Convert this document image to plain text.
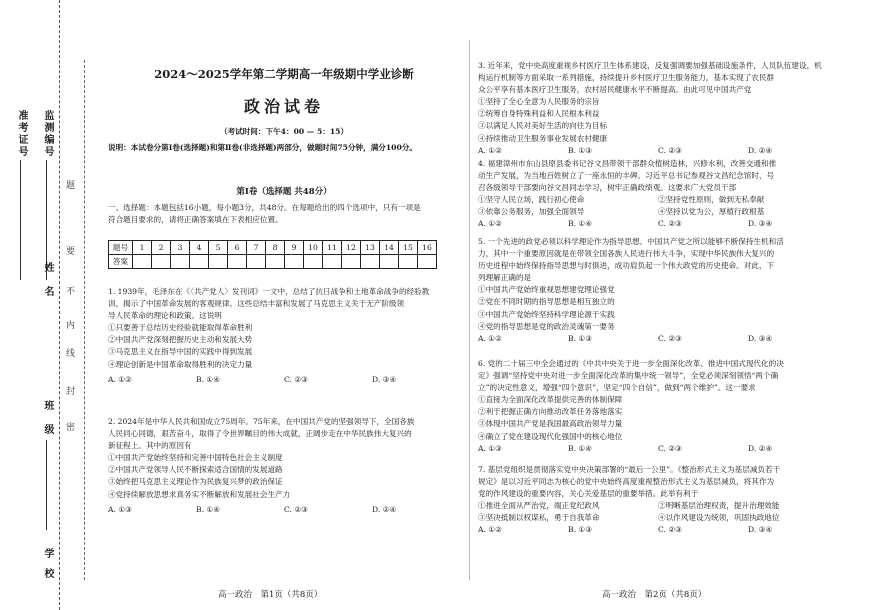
准考证号 监测编号
姓名
班级
学校
题
要
不
内
线
封
密
2024～2025学年第二学期高一年级期中学业诊断
政治试卷
（考试时间：下午4：00 — 5：15）
说明：本试卷分第Ⅰ卷(选择题)和第Ⅱ卷(非选择题)两部分，做题时间75分钟，满分100分。
第Ⅰ卷（选择题 共48分）
一、选择题：本题包括16小题，每小题3分，共48分。在每题给出的四个选项中，只有一项是
符合题目要求的，请将正确答案填在下表相应位置。
题号	1	2	3	4	5	6	7	8	9	10	11	12	13	14	15	16
答案																
1. 1939年，毛泽东在《〈共产党人〉发刊词》一文中，总结了抗日战争和土地革命战争的经验教
训，揭示了中国革命发展的客观规律。这些总结丰富和发展了马克思主义关于无产阶级领
导人民革命的理论和政策。这说明
①只要善于总结历史经验就能取得革命胜利
②中国共产党深刻把握历史主动和发展大势
③马克思主义在指导中国的实践中得到发展
④理论创新是中国革命取得胜利的决定力量
A. ①②	B. ①④	C. ②③	D. ③④
2. 2024年是中华人民共和国成立75周年。75年来，在中国共产党的坚强领导下，全国各族
人民同心同德，艰苦奋斗，取得了令世界瞩目的伟大成就，正阔步走在中华民族伟大复兴的
新征程上。其中的原因有
①中国共产党始终坚持和完善中国特色社会主义制度
②中国共产党领导人民不断探索适合国情的发展道路
③始终把马克思主义理论作为民族复兴梦的政治保证
④党持续解放思想求真务实不断解放和发展社会生产力
A. ①③	B. ①④	C. ②③	D. ②④
高一政治　第1页（共8页）
3. 近年来，党中央高度重视乡村医疗卫生体系建设，反复强调要加强基础设施条件，人员队伍建设，机
构运行机制等方面采取一系列措施，持续提升乡村医疗卫生服务能力，基本实现了农民群
众公平享有基本医疗卫生服务，农村居民健康水平不断提高。由此可见中国共产党
①坚持了全心全意为人民服务的宗旨
②统筹自身特殊利益和人民根本利益
③以满足人民对美好生活的向往为目标
④持续推动卫生服务事业发展农村健康
A. ①②	B. ①③	C. ②③	D. ②④
4. 福建漳州市东山县原县委书记谷文昌带领干部群众植树造林，兴修水利，改善交通和推
动生产发展，为当地百姓树立了一座永恒的丰碑。习近平总书记参观谷文昌纪念馆时，号
召各级领导干部要向谷文昌同志学习，树牢正确政绩观。这要求广大党员干部
①坚守人民立场，践行初心使命	②坚持党性原则，做到无私奉献
③依靠公务服务，加强全面领导	④坚持以党为公，厚植行政根基
A. ①②	B. ①④	C. ②③	D. ③④
5. 一个先进的政党必须以科学理论作为指导思想。中国共产党之所以能够不断保持生机和活
力，其中一个重要原因就是在带领全国各族人民进行伟大斗争，实现中华民族伟大复兴的
历史进程中始终保持指导思想与时俱进，成功肩负起一个伟大政党的历史使命。对此，下
列理解正确的是
①中国共产党始终重视思想建党理论强党
②党在不同时期的指导思想是相互独立的
③中国共产党始终坚持科学理论源于实践
④党的指导思想是党的政治灵魂第一要务
A. ①②	B. ①③	C. ②③	D. ③④
6. 党的二十届三中全会通过的《中共中央关于进一步全面深化改革、推进中国式现代化的决
定》强调“坚持党中央对进一步全面深化改革的集中统一领导”，全党必须深刻领悟“两个确
立”的决定性意义，增强“四个意识”，坚定“四个自信”，做到“两个维护”。这一要求
①直接为全面深化改革提供完善的体制保障
②利于把握正确方向推动改革任务落地落实
③体现中国共产党是我国最高政治领导力量
④确立了党在建设现代化强国中的核心地位
A. ①③	B. ①④	C. ②③	D. ②④
7. 基层党组织是贯彻落实党中央决策部署的“最后一公里”。《整治形式主义为基层减负若干
规定》是以习近平同志为核心的党中央始终高度重视整治形式主义为基层减负，将其作为
党的作风建设的重要内容，关心关爱基层的重要举措。此举有利于
①推进全面从严治党，端正党纪政风	②明晰基层治理权责，提升治理效能
③坚决抵制以权谋私，勇于自我革命	④以作风建设为统领，巩固执政地位
A. ①②	B. ①③	C. ②③	D. ③④
高一政治　第2页（共8页）
